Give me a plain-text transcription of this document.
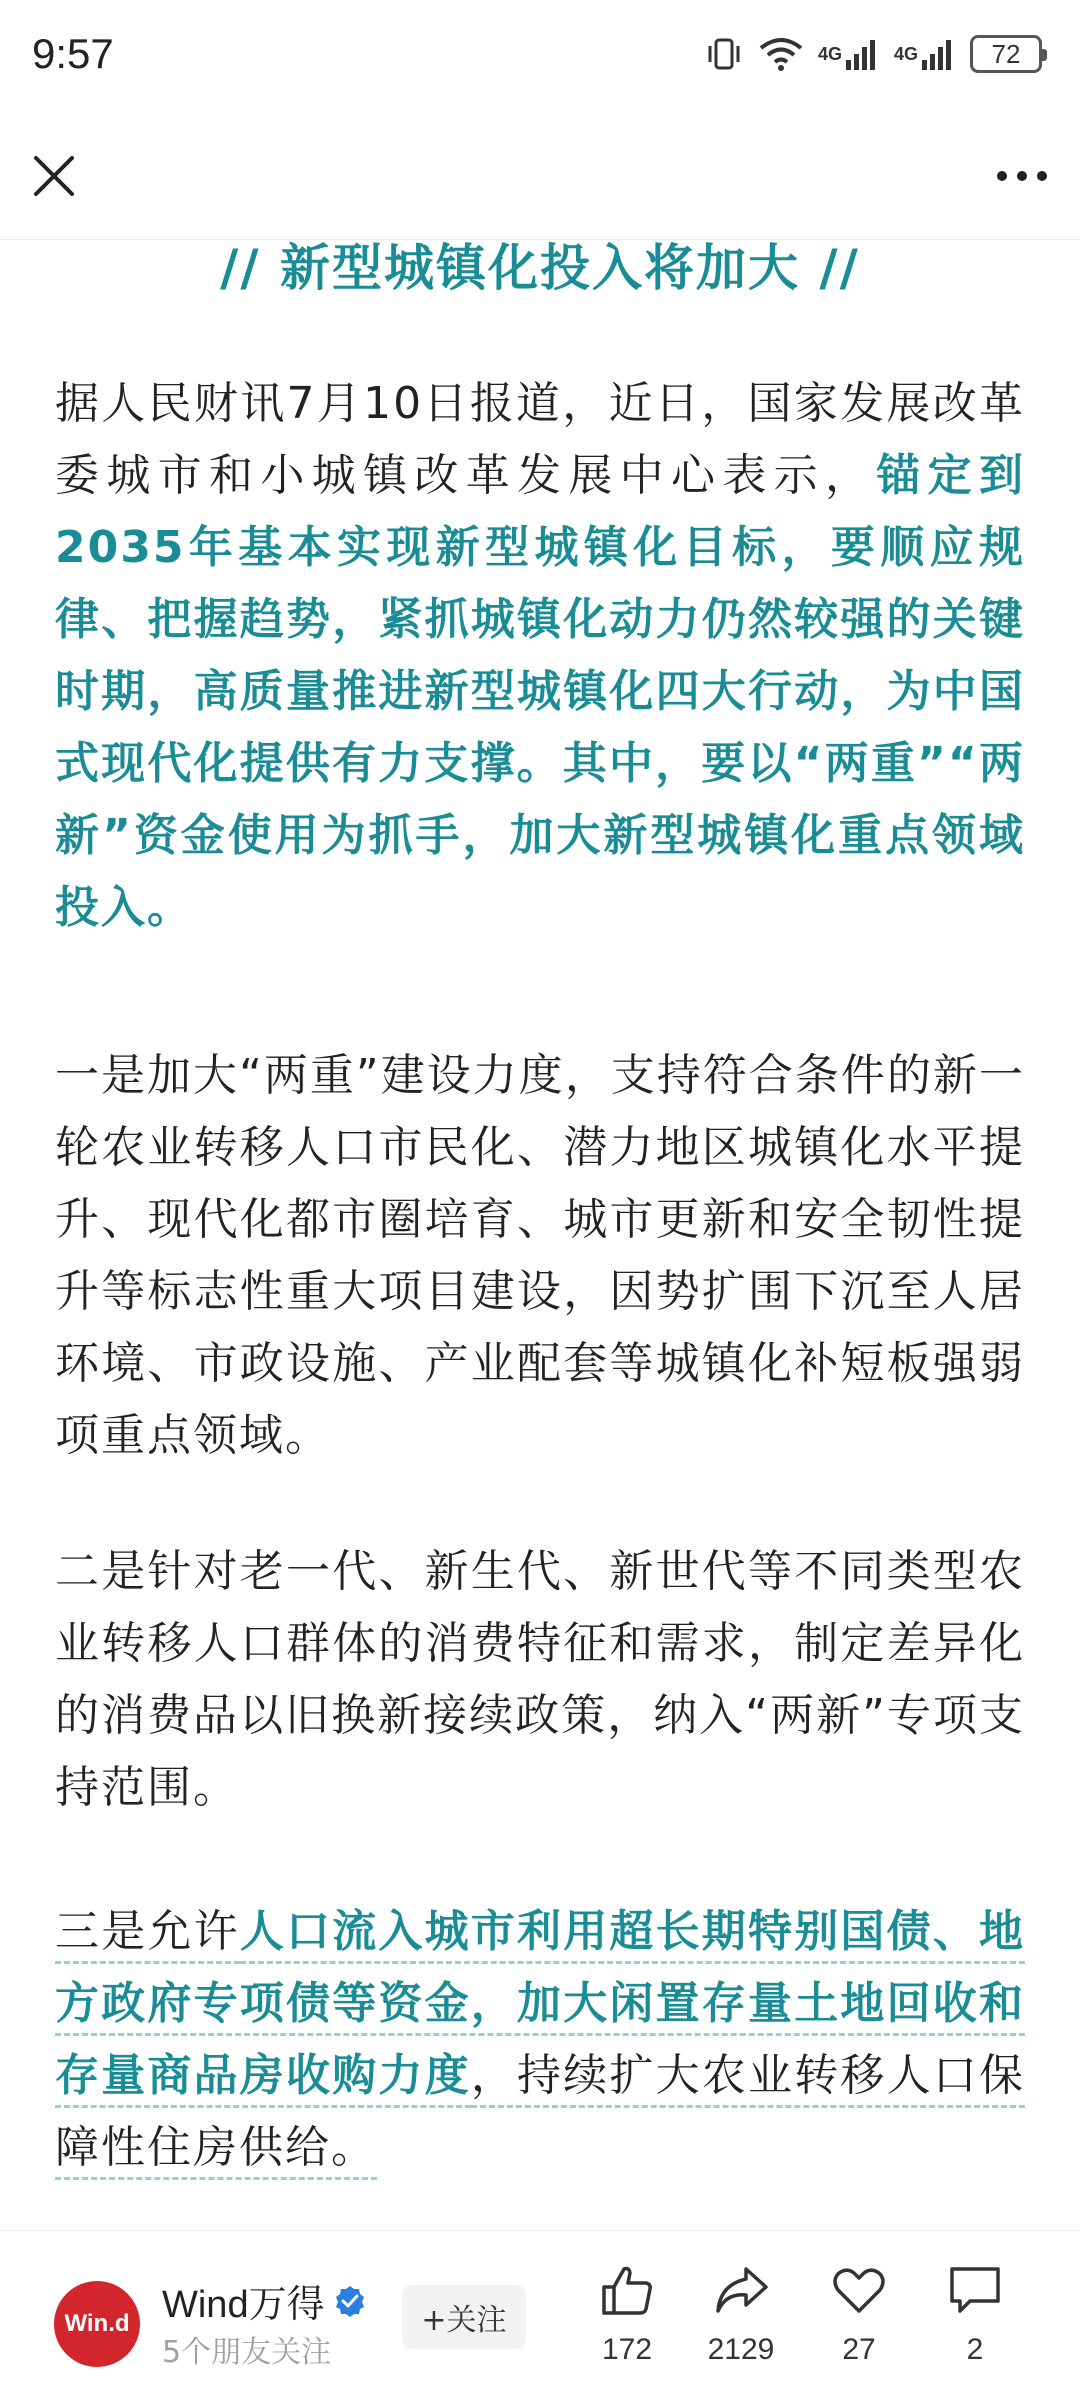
9:57	4G	4G	72
// 新型城镇化投入将加大 //
据人民财讯7月10日报道，近日，国家发展改革委城市和小城镇改革发展中心表示，锚定到2035年基本实现新型城镇化目标，要顺应规律、把握趋势，紧抓城镇化动力仍然较强的关键时期，高质量推进新型城镇化四大行动，为中国式现代化提供有力支撑。其中，要以“两重”“两新”资金使用为抓手，加大新型城镇化重点领域投入。
一是加大“两重”建设力度，支持符合条件的新一轮农业转移人口市民化、潜力地区城镇化水平提升、现代化都市圈培育、城市更新和安全韧性提升等标志性重大项目建设，因势扩围下沉至人居环境、市政设施、产业配套等城镇化补短板强弱项重点领域。
二是针对老一代、新生代、新世代等不同类型农业转移人口群体的消费特征和需求，制定差异化的消费品以旧换新接续政策，纳入“两新”专项支持范围。
三是允许人口流入城市利用超长期特别国债、地方政府专项债等资金，加大闲置存量土地回收和存量商品房收购力度，持续扩大农业转移人口保障性住房供给。
Win.d Wind万得
5个朋友关注
+关注
172 2129 27	2
